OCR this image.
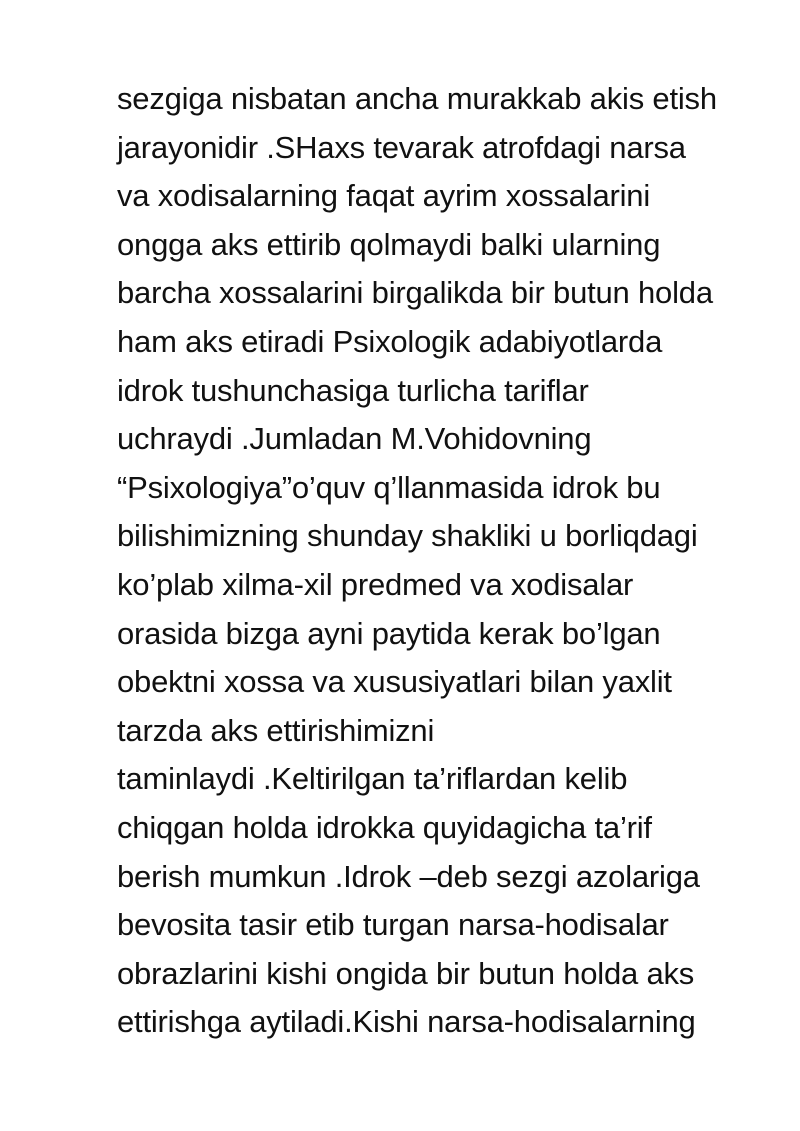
sezgiga nisbatan ancha murakkab akis etish
jarayonidir .SHaxs tevarak atrofdagi narsa
va xodisalarning faqat ayrim xossalarini
ongga aks ettirib qolmaydi balki ularning
barcha xossalarini birgalikda bir butun holda
ham aks etiradi Psixologik adabiyotlarda
idrok tushunchasiga turlicha tariflar
uchraydi .Jumladan M.Vohidovning
“Psixologiya”o’quv q’llanmasida idrok bu
bilishimizning shunday shakliki u borliqdagi
ko’plab xilma-xil predmed va xodisalar
orasida bizga ayni paytida kerak bo’lgan
obektni xossa va xususiyatlari bilan yaxlit
tarzda aks ettirishimizni
taminlaydi .Keltirilgan ta’riflardan kelib
chiqgan holda idrokka quyidagicha ta’rif
berish mumkun .Idrok –deb sezgi azolariga
bevosita tasir etib turgan narsa-hodisalar
obrazlarini kishi ongida bir butun holda aks
ettirishga aytiladi.Kishi narsa-hodisalarning
